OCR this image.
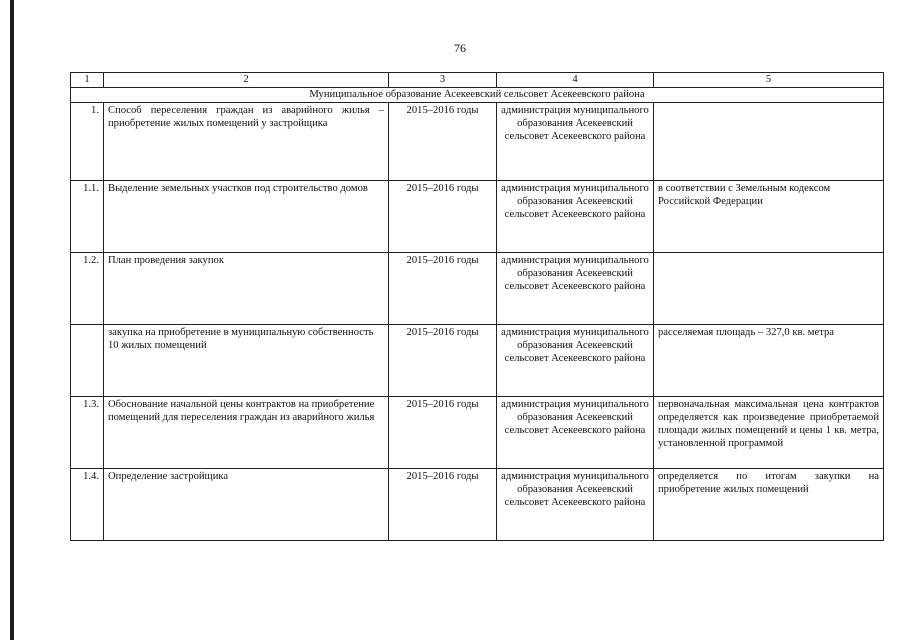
76
1	2	3	4	5
Муниципальное образование Асекеевский сельсовет Асекеевского района				
1.	Способ переселения граждан из аварийного жилья – приобретение жилых помещений у застройщика	2015–2016 годы	администрация муниципального образования Асекеевский сельсовет Асекеевского района	
1.1.	Выделение земельных участков под строительство домов	2015–2016 годы	администрация муниципального образования Асекеевский сельсовет Асекеевского района	в соответствии с Земельным кодексом Российской Федерации
1.2.	План проведения закупок	2015–2016 годы	администрация муниципального образования Асекеевский сельсовет Асекеевского района	
	закупка на приобретение в муниципальную собственность 10 жилых помещений	2015–2016 годы	администрация муниципального образования Асекеевский сельсовет Асекеевского района	расселяемая площадь – 327,0 кв. метра
1.3.	Обоснование начальной цены контрактов на приобретение помещений для переселения граждан из аварийного жилья	2015–2016 годы	администрация муниципального образования Асекеевский сельсовет Асекеевского района	первоначальная максимальная цена контрактов определяется как произведение приобретаемой площади жилых помещений и цены 1 кв. метра, установленной программой
1.4.	Определение застройщика	2015–2016 годы	администрация муниципального образования Асекеевский сельсовет Асекеевского района	определяется по итогам закупки на приобретение жилых помещений
